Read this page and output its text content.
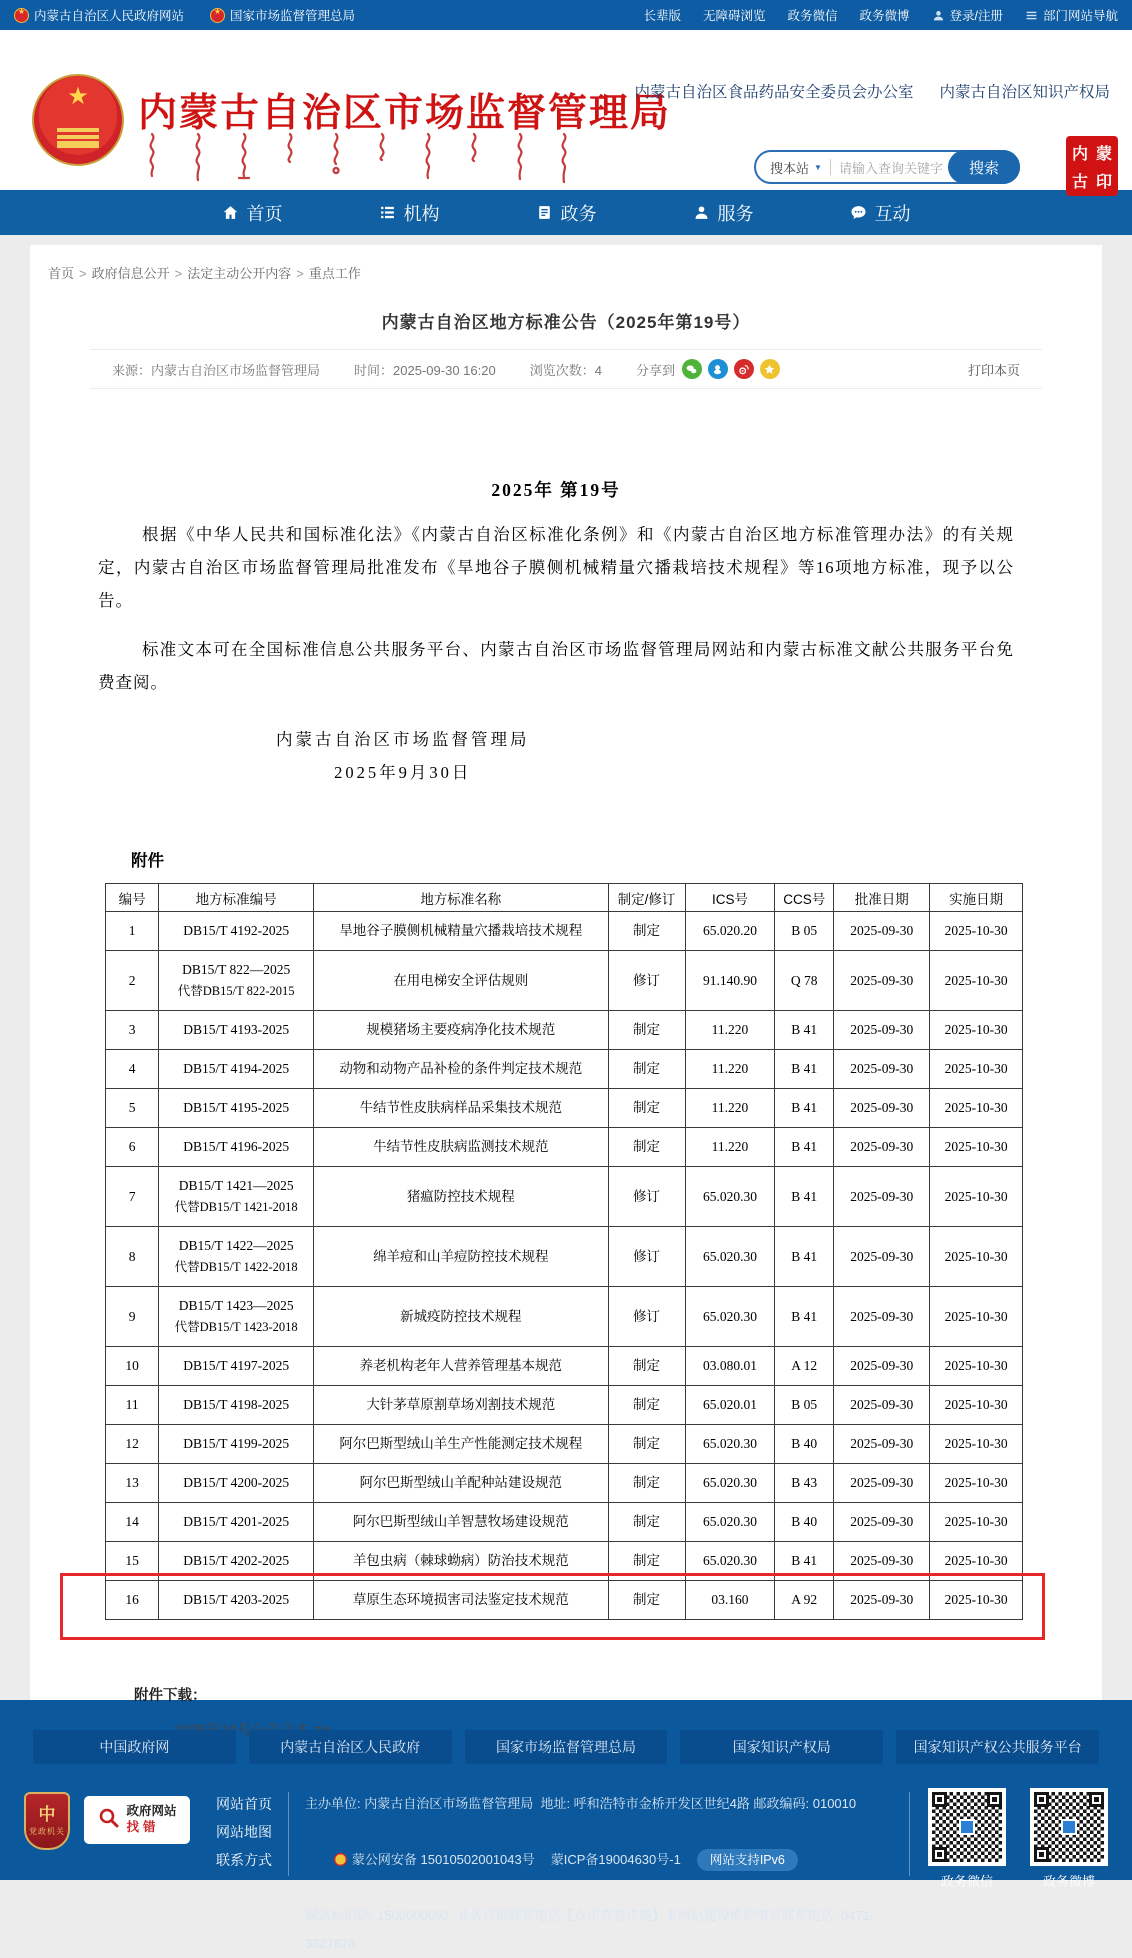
★
内蒙古自治区人民政府网站 ★	国家市场监督管理总局	长辈版 无障碍浏览 政务微信 政务微博	登录/注册	部门网站导航
★	内蒙古自治区市场监督管理局
内蒙古自治区食品药品安全委员会办公室 内蒙古自治区知识产权局
搜本站 ▼	请输入查询关键字	搜索
内 蒙
古 印
首页	机构	政务	服务	互动
首页 > 政府信息公开 > 法定主动公开内容 > 重点工作
内蒙古自治区地方标准公告（2025年第19号）
来源：内蒙古自治区市场监督管理局	时间：2025-09-30 16:20	浏览次数：4	分享到	打印本页
2025年 第19号

根据《中华人民共和国标准化法》《内蒙古自治区标准化条例》和《内蒙古自治区地方标准管理办法》的有关规定，内蒙古自治区市场监督管理局批准发布《旱地谷子膜侧机械精量穴播栽培技术规程》等16项地方标准，现予以公告。

标准文本可在全国标准信息公共服务平台、内蒙古自治区市场监督管理局网站和内蒙古标准文献公共服务平台免费查阅。

内蒙古自治区市场监督管理局
2025年9月30日
附件
编号	地方标准编号	地方标准名称	制定/修订	ICS号	CCS号	批准日期	实施日期
1	DB15/T 4192-2025	旱地谷子膜侧机械精量穴播栽培技术规程	制定	65.020.20	B 05	2025-09-30	2025-10-30
2	DB15/T 822—2025
代替DB15/T 822-2015	在用电梯安全评估规则	修订	91.140.90	Q 78	2025-09-30	2025-10-30
3	DB15/T 4193-2025	规模猪场主要疫病净化技术规范	制定	11.220	B 41	2025-09-30	2025-10-30
4	DB15/T 4194-2025	动物和动物产品补检的条件判定技术规范	制定	11.220	B 41	2025-09-30	2025-10-30
5	DB15/T 4195-2025	牛结节性皮肤病样品采集技术规范	制定	11.220	B 41	2025-09-30	2025-10-30
6	DB15/T 4196-2025	牛结节性皮肤病监测技术规范	制定	11.220	B 41	2025-09-30	2025-10-30
7	DB15/T 1421—2025
代替DB15/T 1421-2018	猪瘟防控技术规程	修订	65.020.30	B 41	2025-09-30	2025-10-30
8	DB15/T 1422—2025
代替DB15/T 1422-2018	绵羊痘和山羊痘防控技术规程	修订	65.020.30	B 41	2025-09-30	2025-10-30
9	DB15/T 1423—2025
代替DB15/T 1423-2018	新城疫防控技术规程	修订	65.020.30	B 41	2025-09-30	2025-10-30
10	DB15/T 4197-2025	养老机构老年人营养管理基本规范	制定	03.080.01	A 12	2025-09-30	2025-10-30
11	DB15/T 4198-2025	大针茅草原割草场刈割技术规范	制定	65.020.01	B 05	2025-09-30	2025-10-30
12	DB15/T 4199-2025	阿尔巴斯型绒山羊生产性能测定技术规程	制定	65.020.30	B 40	2025-09-30	2025-10-30
13	DB15/T 4200-2025	阿尔巴斯型绒山羊配种站建设规范	制定	65.020.30	B 43	2025-09-30	2025-10-30
14	DB15/T 4201-2025	阿尔巴斯型绒山羊智慧牧场建设规范	制定	65.020.30	B 40	2025-09-30	2025-10-30
15	DB15/T 4202-2025	羊包虫病（棘球蚴病）防治技术规范	制定	65.020.30	B 41	2025-09-30	2025-10-30
16	DB15/T 4203-2025	草原生态环境损害司法鉴定技术规范	制定	03.160	A 92	2025-09-30	2025-10-30
附件下载：
中国政府网	内蒙古自治区人民政府	国家市场监督管理总局	国家知识产权局	国家知识产权公共服务平台
中
党政机关
政府网站
找错
网站首页
网站地图
联系方式
主办单位: 内蒙古自治区市场监督管理局  地址: 呼和浩特市金桥开发区世纪4路 邮政编码: 010010

蒙公网安备 15010502001043号 蒙ICP备19004630号-1 网站支持IPv6

网站标识码: 1500000092  业务咨询联系电话【点击查看详情】本网站建设维护事宜联系电话: 0471-3327678
政务微信	政务微博
